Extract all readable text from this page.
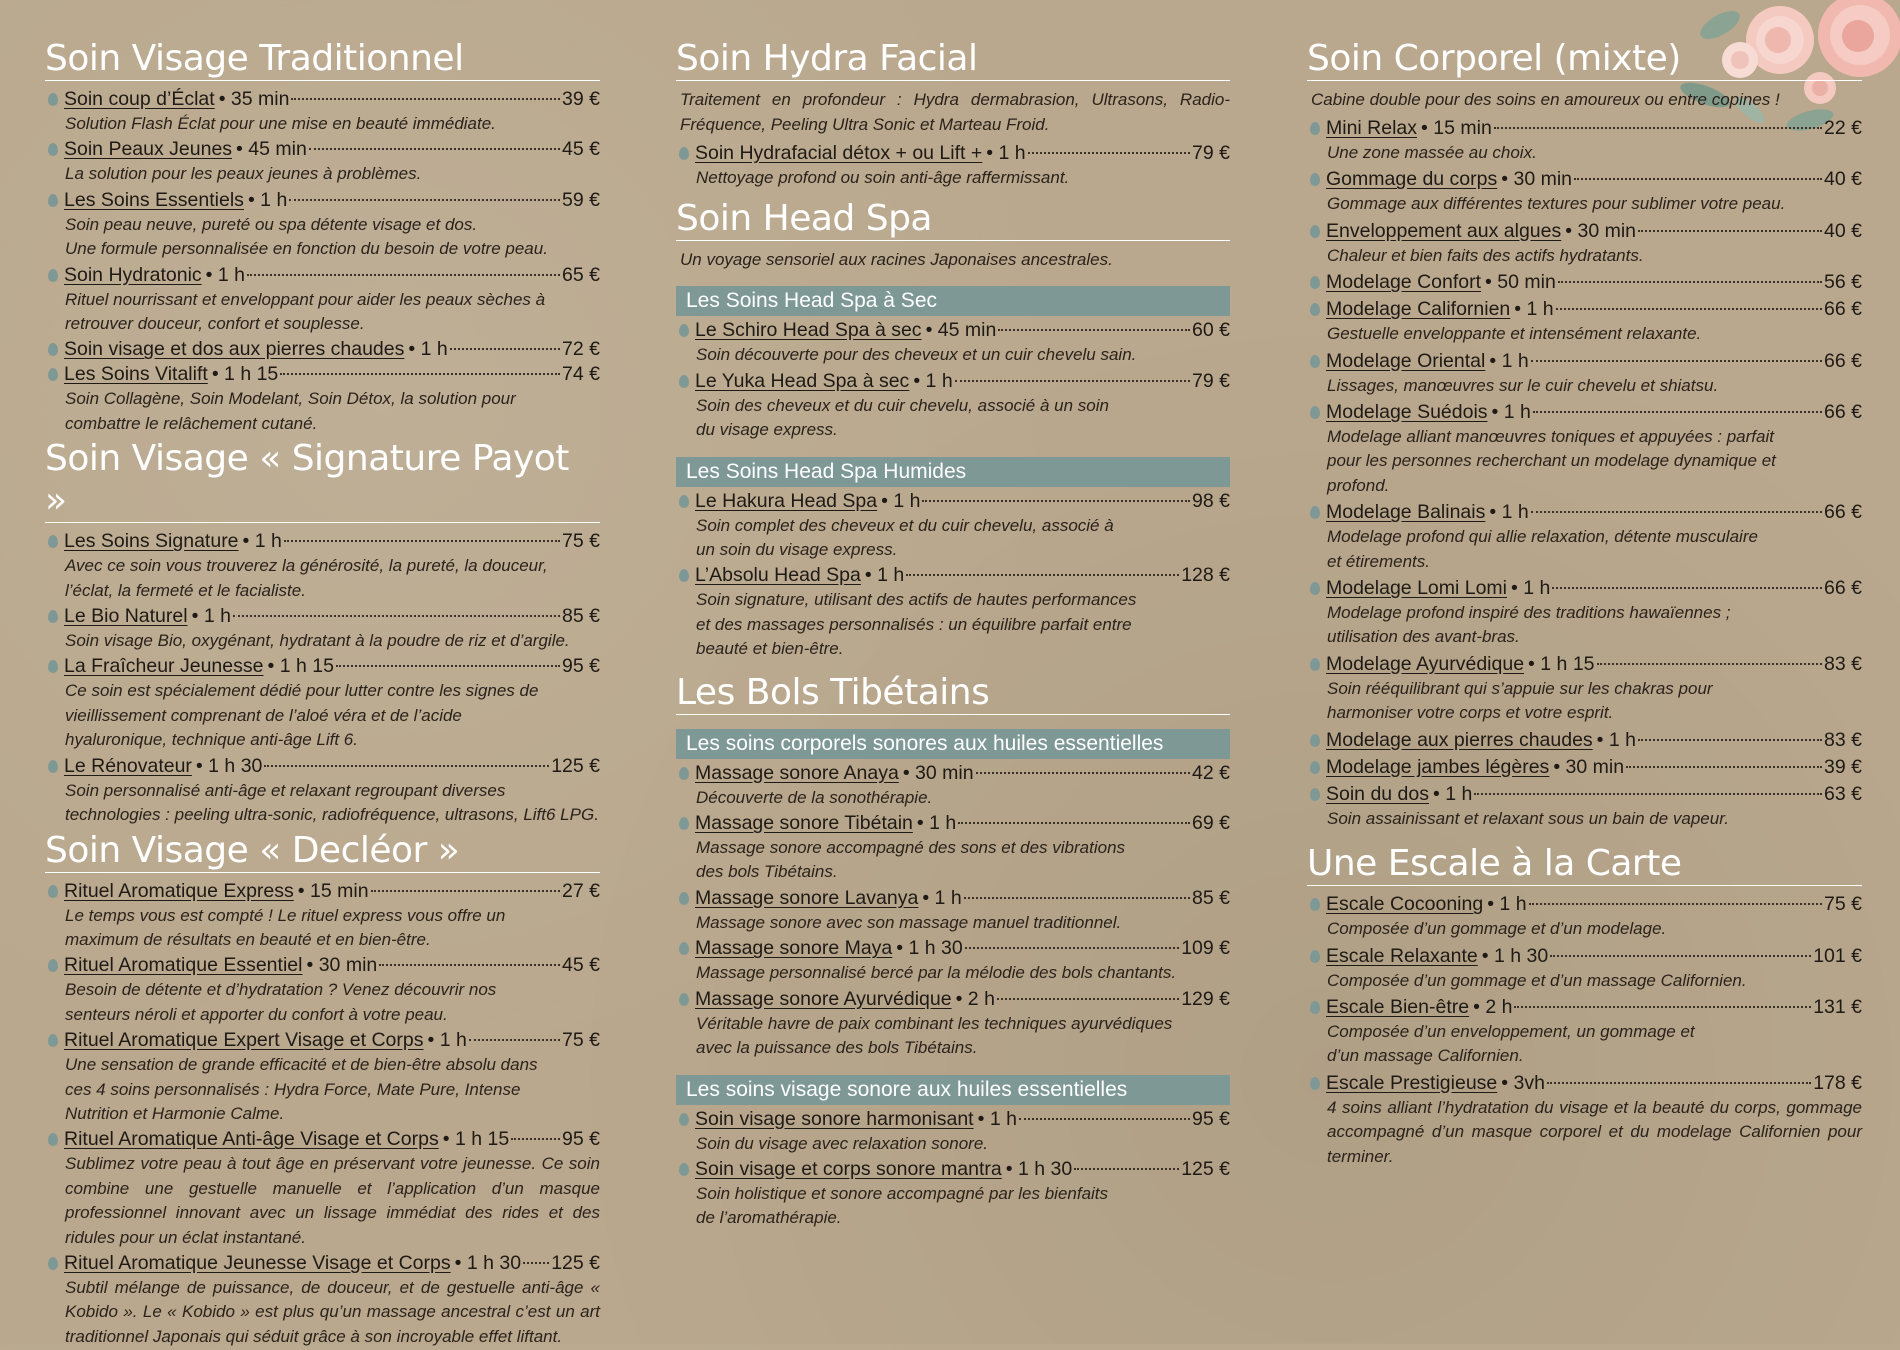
Soin Visage Traditionnel
Soin coup d’Éclat • 35 min	39 €
Solution Flash Éclat pour une mise en beauté immédiate.
Soin Peaux Jeunes • 45 min	45 €
La solution pour les peaux jeunes à problèmes.
Les Soins Essentiels • 1 h	59 €
Soin peau neuve, pureté ou spa détente visage et dos.
Une formule personnalisée en fonction du besoin de votre peau.
Soin Hydratonic • 1 h	65 €
Rituel nourrissant et enveloppant pour aider les peaux sèches à
retrouver douceur, confort et souplesse.
Soin visage et dos aux pierres chaudes • 1 h	72 €
Les Soins Vitalift • 1 h 15	74 €
Soin Collagène, Soin Modelant, Soin Détox, la solution pour
combattre le relâchement cutané.
Soin Visage « Signature Payot »
Les Soins Signature • 1 h	75 €
Avec ce soin vous trouverez la générosité, la pureté, la douceur,
l’éclat, la fermeté et le facialiste.
Le Bio Naturel • 1 h	85 €
Soin visage Bio, oxygénant, hydratant à la poudre de riz et d’argile.
La Fraîcheur Jeunesse • 1 h 15	95 €
Ce soin est spécialement dédié pour lutter contre les signes de
vieillissement comprenant de l’aloé véra et de l’acide
hyaluronique, technique anti-âge Lift 6.
Le Rénovateur • 1 h 30	125 €
Soin personnalisé anti-âge et relaxant regroupant diverses
technologies : peeling ultra-sonic, radiofréquence, ultrasons, Lift6 LPG.
Soin Visage « Decléor »
Rituel Aromatique Express • 15 min	27 €
Le temps vous est compté ! Le rituel express vous offre un
maximum de résultats en beauté et en bien-être.
Rituel Aromatique Essentiel • 30 min	45 €
Besoin de détente et d’hydratation ? Venez découvrir nos
senteurs néroli et apporter du confort à votre peau.
Rituel Aromatique Expert Visage et Corps • 1 h	75 €
Une sensation de grande efficacité et de bien-être absolu dans
ces 4 soins personnalisés : Hydra Force, Mate Pure, Intense
Nutrition et Harmonie Calme.
Rituel Aromatique Anti-âge Visage et Corps • 1 h 15	95 €
Sublimez votre peau à tout âge en préservant votre jeunesse. Ce soin combine une gestuelle manuelle et l’application d’un masque professionnel innovant avec un lissage immédiat des rides et des ridules pour un éclat instantané.
Rituel Aromatique Jeunesse Visage et Corps • 1 h 30 125 €
Subtil mélange de puissance, de douceur, et de gestuelle anti-âge « Kobido ». Le « Kobido » est plus qu’un massage ancestral c’est un art traditionnel Japonais qui séduit grâce à son incroyable effet liftant.
Soin Hydra Facial

Traitement en profondeur : Hydra dermabrasion, Ultrasons, Radio-Fréquence, Peeling Ultra Sonic et Marteau Froid.

Soin Hydrafacial détox + ou Lift + • 1 h	79 €
Nettoyage profond ou soin anti-âge raffermissant.
Soin Head Spa

Un voyage sensoriel aux racines Japonaises ancestrales.

Les Soins Head Spa à Sec
Le Schiro Head Spa à sec • 45 min	60 €
Soin découverte pour des cheveux et un cuir chevelu sain.
Le Yuka Head Spa à sec • 1 h	79 €
Soin des cheveux et du cuir chevelu, associé à un soin
du visage express.
Les Soins Head Spa Humides
Le Hakura Head Spa • 1 h	98 €
Soin complet des cheveux et du cuir chevelu, associé à
un soin du visage express.
L’Absolu Head Spa • 1 h	128 €
Soin signature, utilisant des actifs de hautes performances
et des massages personnalisés : un équilibre parfait entre
beauté et bien-être.
Les Bols Tibétains
Les soins corporels sonores aux huiles essentielles
Massage sonore Anaya • 30 min	42 €
Découverte de la sonothérapie.
Massage sonore Tibétain • 1 h	69 €
Massage sonore accompagné des sons et des vibrations
des bols Tibétains.
Massage sonore Lavanya • 1 h	85 €
Massage sonore avec son massage manuel traditionnel.
Massage sonore Maya • 1 h 30	109 €
Massage personnalisé bercé par la mélodie des bols chantants.
Massage sonore Ayurvédique • 2 h	129 €
Véritable havre de paix combinant les techniques ayurvédiques
avec la puissance des bols Tibétains.
Les soins visage sonore aux huiles essentielles
Soin visage sonore harmonisant • 1 h	95 €
Soin du visage avec relaxation sonore.
Soin visage et corps sonore mantra • 1 h 30	125 €
Soin holistique et sonore accompagné par les bienfaits
de l’aromathérapie.
Soin Corporel (mixte)

Cabine double pour des soins en amoureux ou entre copines !

Mini Relax • 15 min	22 €
Une zone massée au choix.
Gommage du corps • 30 min	40 €
Gommage aux différentes textures pour sublimer votre peau.
Enveloppement aux algues • 30 min	40 €
Chaleur et bien faits des actifs hydratants.
Modelage Confort • 50 min	56 €
Modelage Californien • 1 h	66 €
Gestuelle enveloppante et intensément relaxante.
Modelage Oriental • 1 h	66 €
Lissages, manœuvres sur le cuir chevelu et shiatsu.
Modelage Suédois • 1 h	66 €
Modelage alliant manœuvres toniques et appuyées : parfait
pour les personnes recherchant un modelage dynamique et
profond.
Modelage Balinais • 1 h	66 €
Modelage profond qui allie relaxation, détente musculaire
et étirements.
Modelage Lomi Lomi • 1 h	66 €
Modelage profond inspiré des traditions hawaïennes ;
utilisation des avant-bras.
Modelage Ayurvédique • 1 h 15	83 €
Soin rééquilibrant qui s’appuie sur les chakras pour
harmoniser votre corps et votre esprit.
Modelage aux pierres chaudes • 1 h	83 €
Modelage jambes légères • 30 min	39 €
Soin du dos • 1 h	63 €
Soin assainissant et relaxant sous un bain de vapeur.
Une Escale à la Carte
Escale Cocooning • 1 h	75 €
Composée d’un gommage et d’un modelage.
Escale Relaxante • 1 h 30	101 €
Composée d’un gommage et d’un massage Californien.
Escale Bien-être • 2 h	131 €
Composée d’un enveloppement, un gommage et
d’un massage Californien.
Escale Prestigieuse • 3vh	178 €
4 soins alliant l’hydratation du visage et la beauté du corps, gommage accompagné d’un masque corporel et du modelage Californien pour terminer.
